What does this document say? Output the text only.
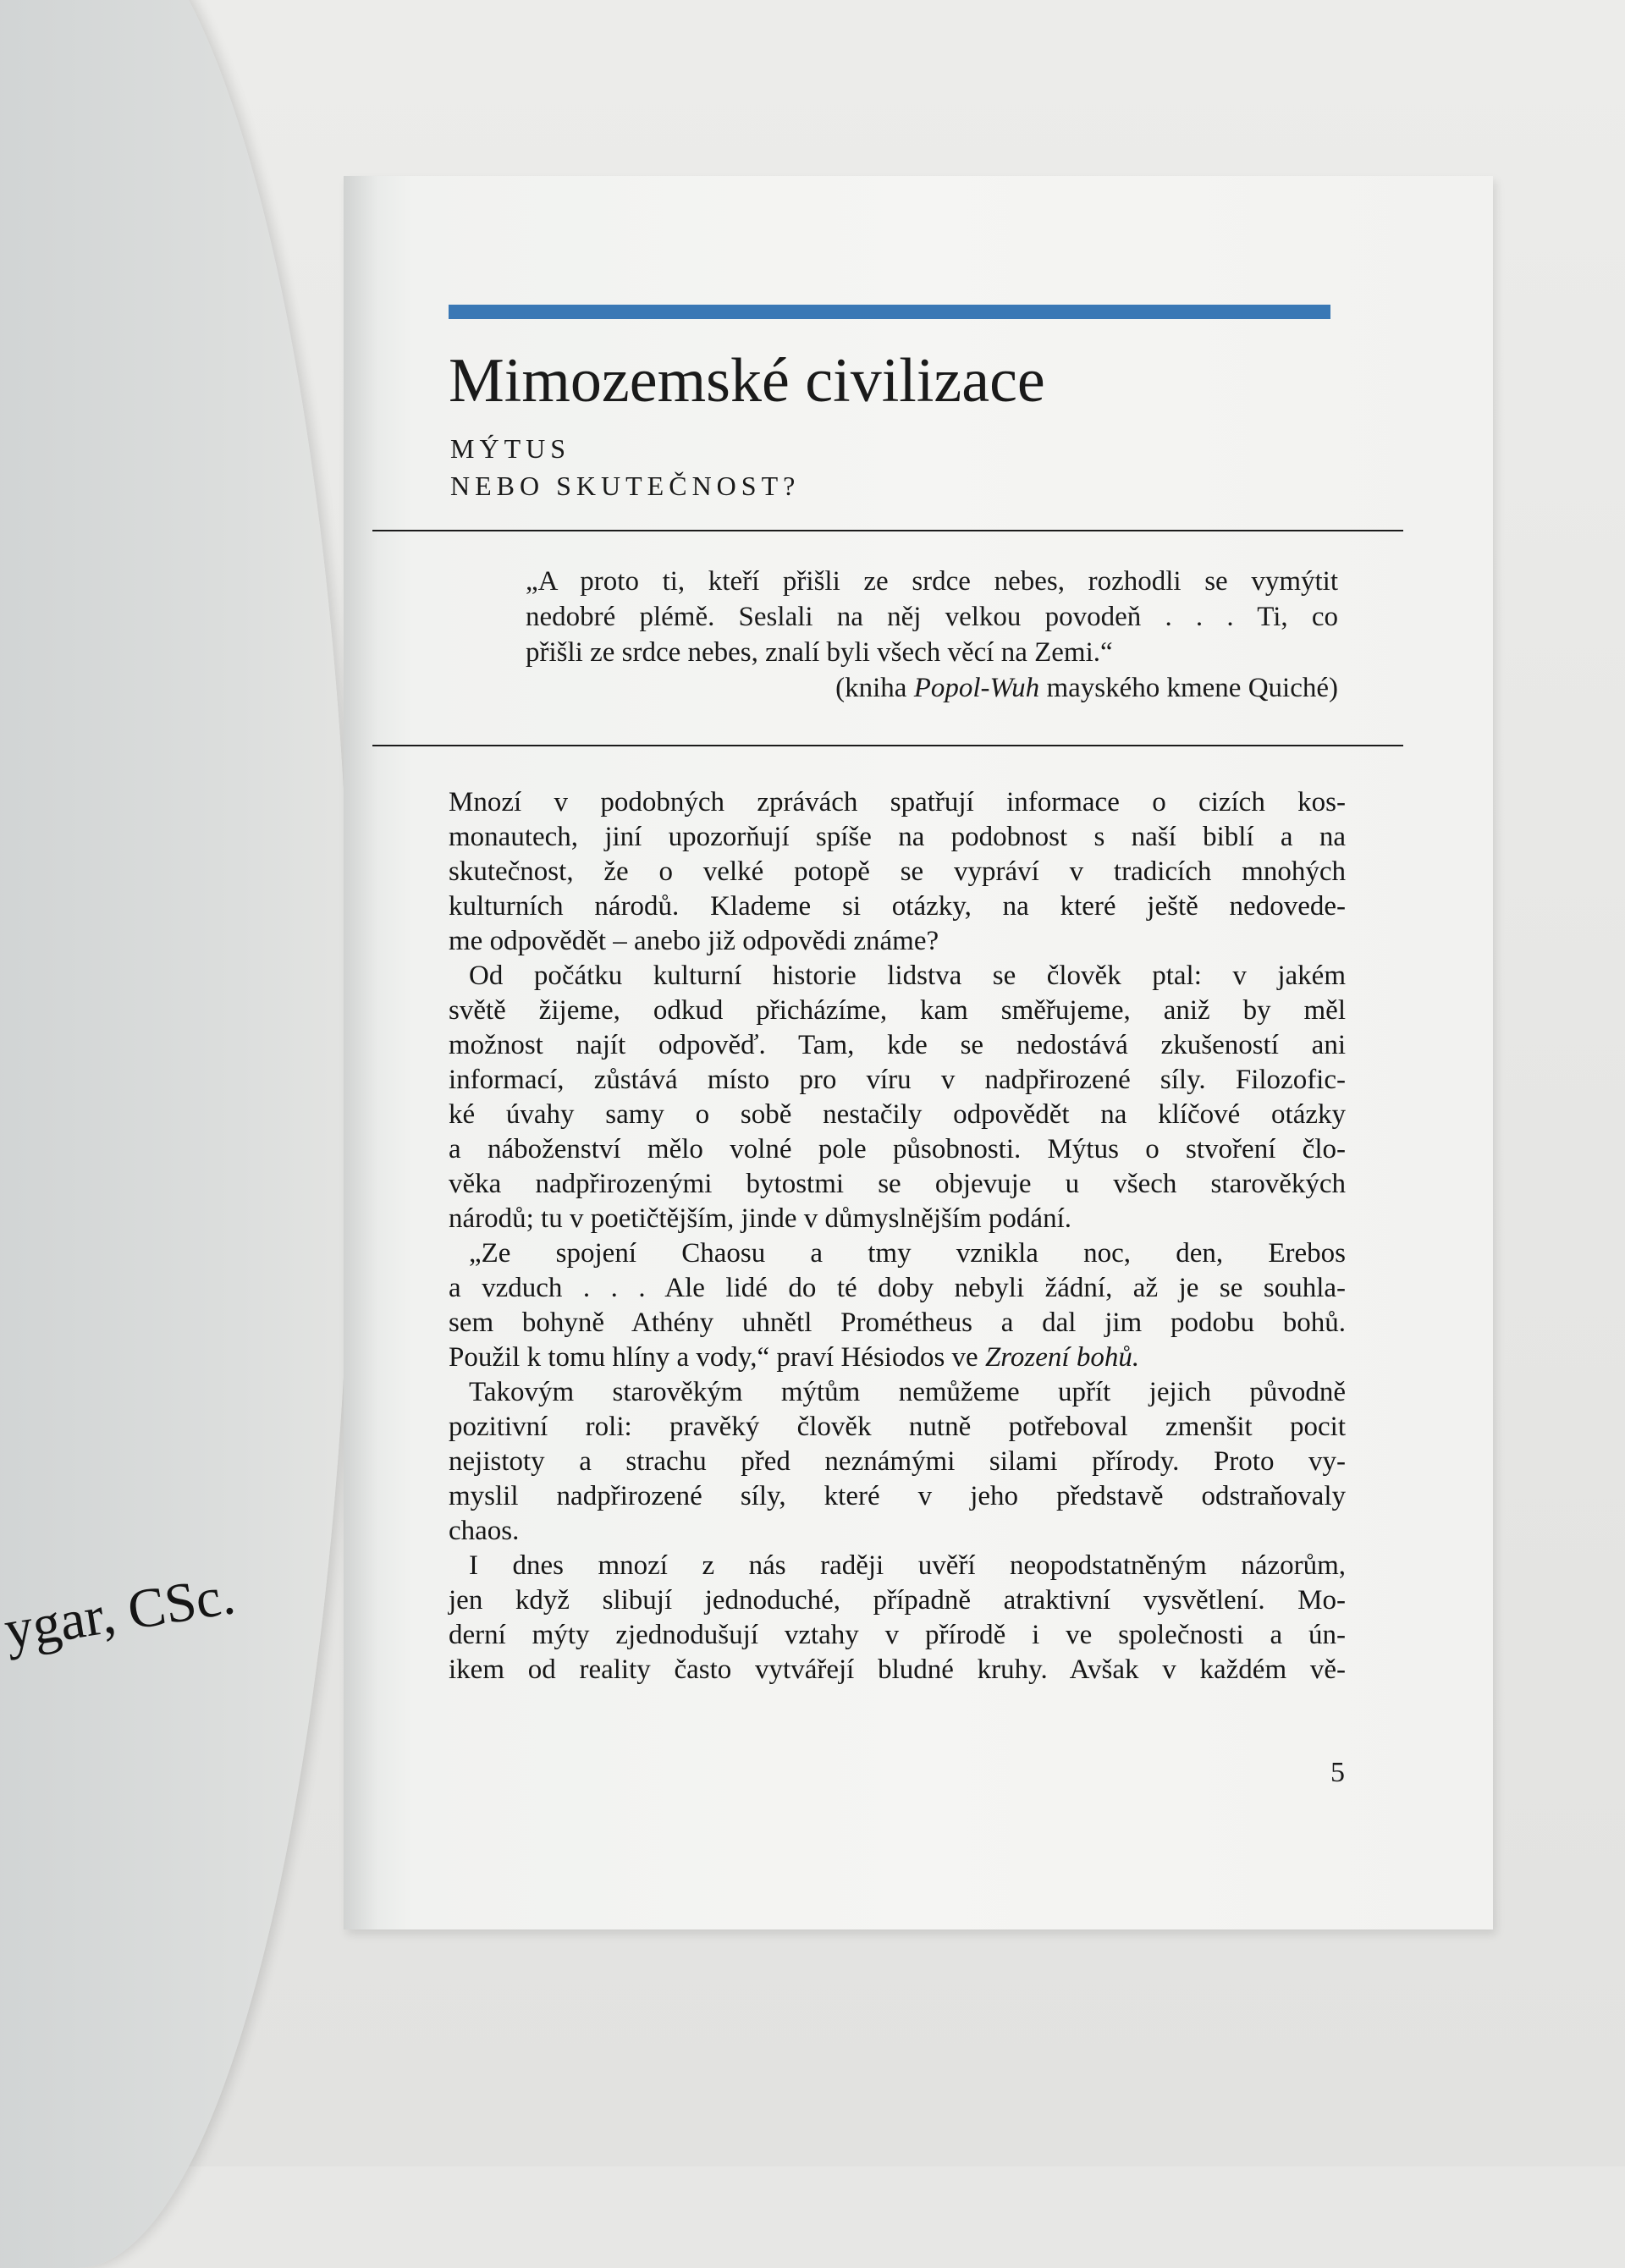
ygar, CSc.
Mimozemské civilizace
MÝTUS
NEBO SKUTEČNOST?
„A proto ti, kteří přišli ze srdce nebes, rozhodli se vymýtit
nedobré plémě. Seslali na něj velkou povodeň . . . Ti, co
přišli ze srdce nebes, znalí byli všech věcí na Zemi.“
(kniha Popol-Wuh mayského kmene Quiché)
Mnozí v podobných zprávách spatřují informace o cizích kos-
monautech, jiní upozorňují spíše na podobnost s naší biblí a na
skutečnost, že o velké potopě se vypráví v tradicích mnohých
kulturních národů. Klademe si otázky, na které ještě nedovede-
me odpovědět – anebo již odpovědi známe?
Od počátku kulturní historie lidstva se člověk ptal: v jakém
světě žijeme, odkud přicházíme, kam směřujeme, aniž by měl
možnost najít odpověď. Tam, kde se nedostává zkušeností ani
informací, zůstává místo pro víru v nadpřirozené síly. Filozofic-
ké úvahy samy o sobě nestačily odpovědět na klíčové otázky
a náboženství mělo volné pole působnosti. Mýtus o stvoření člo-
věka nadpřirozenými bytostmi se objevuje u všech starověkých
národů; tu v poetičtějším, jinde v důmyslnějším podání.
„Ze spojení Chaosu a tmy vznikla noc, den, Erebos
a vzduch . . . Ale lidé do té doby nebyli žádní, až je se souhla-
sem bohyně Athény uhnětl Prométheus a dal jim podobu bohů.
Použil k tomu hlíny a vody,“ praví Hésiodos ve Zrození bohů.
Takovým starověkým mýtům nemůžeme upřít jejich původně
pozitivní roli: pravěký člověk nutně potřeboval zmenšit pocit
nejistoty a strachu před neznámými silami přírody. Proto vy-
myslil nadpřirozené síly, které v jeho představě odstraňovaly
chaos.
I dnes mnozí z nás raději uvěří neopodstatněným názorům,
jen když slibují jednoduché, případně atraktivní vysvětlení. Mo-
derní mýty zjednodušují vztahy v přírodě i ve společnosti a ún-
ikem od reality často vytvářejí bludné kruhy. Avšak v každém vě-
5
